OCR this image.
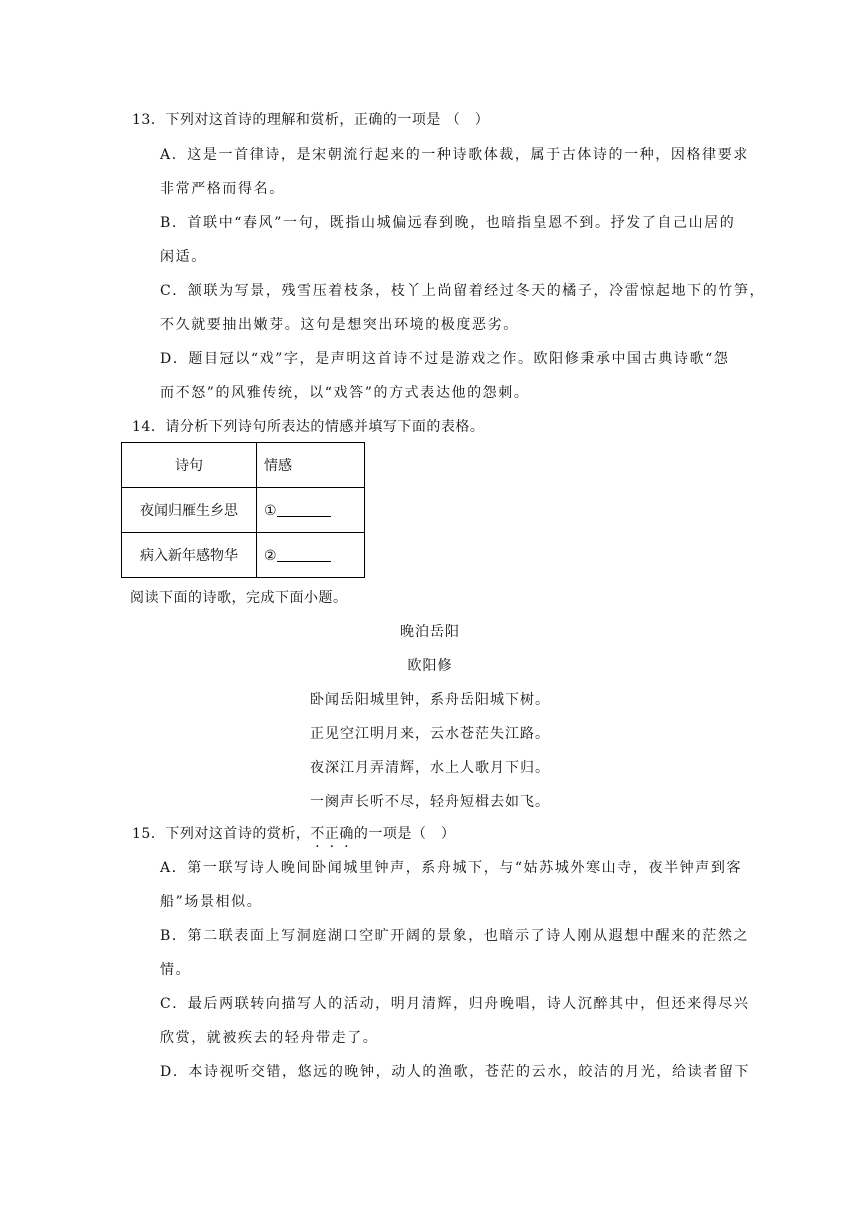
13．下列对这首诗的理解和赏析，正确的一项是 （　）
A．这是一首律诗，是宋朝流行起来的一种诗歌体裁，属于古体诗的一种，因格律要求
非常严格而得名。
B．首联中“春风”一句，既指山城偏远春到晚，也暗指皇恩不到。抒发了自己山居的
闲适。
C．颔联为写景，残雪压着枝条，枝丫上尚留着经过冬天的橘子，冷雷惊起地下的竹笋，
不久就要抽出嫩芽。这句是想突出环境的极度恶劣。
D．题目冠以“戏”字，是声明这首诗不过是游戏之作。欧阳修秉承中国古典诗歌“怨
而不怒”的风雅传统，以“戏答”的方式表达他的怨刺。
14．请分析下列诗句所表达的情感并填写下面的表格。
诗句	情感
夜闻归雁生乡思	①
病入新年感物华	②
阅读下面的诗歌，完成下面小题。
晚泊岳阳
欧阳修
卧闻岳阳城里钟，系舟岳阳城下树。
正见空江明月来，云水苍茫失江路。
夜深江月弄清辉，水上人歌月下归。
一阕声长听不尽，轻舟短楫去如飞。
15．下列对这首诗的赏析，不正确的一项是（　）
A．第一联写诗人晚间卧闻城里钟声，系舟城下，与“姑苏城外寒山寺，夜半钟声到客
船”场景相似。
B．第二联表面上写洞庭湖口空旷开阔的景象，也暗示了诗人刚从遐想中醒来的茫然之
情。
C．最后两联转向描写人的活动，明月清辉，归舟晚唱，诗人沉醉其中，但还来得尽兴
欣赏，就被疾去的轻舟带走了。
D．本诗视听交错，悠远的晚钟，动人的渔歌，苍茫的云水，皎洁的月光，给读者留下
